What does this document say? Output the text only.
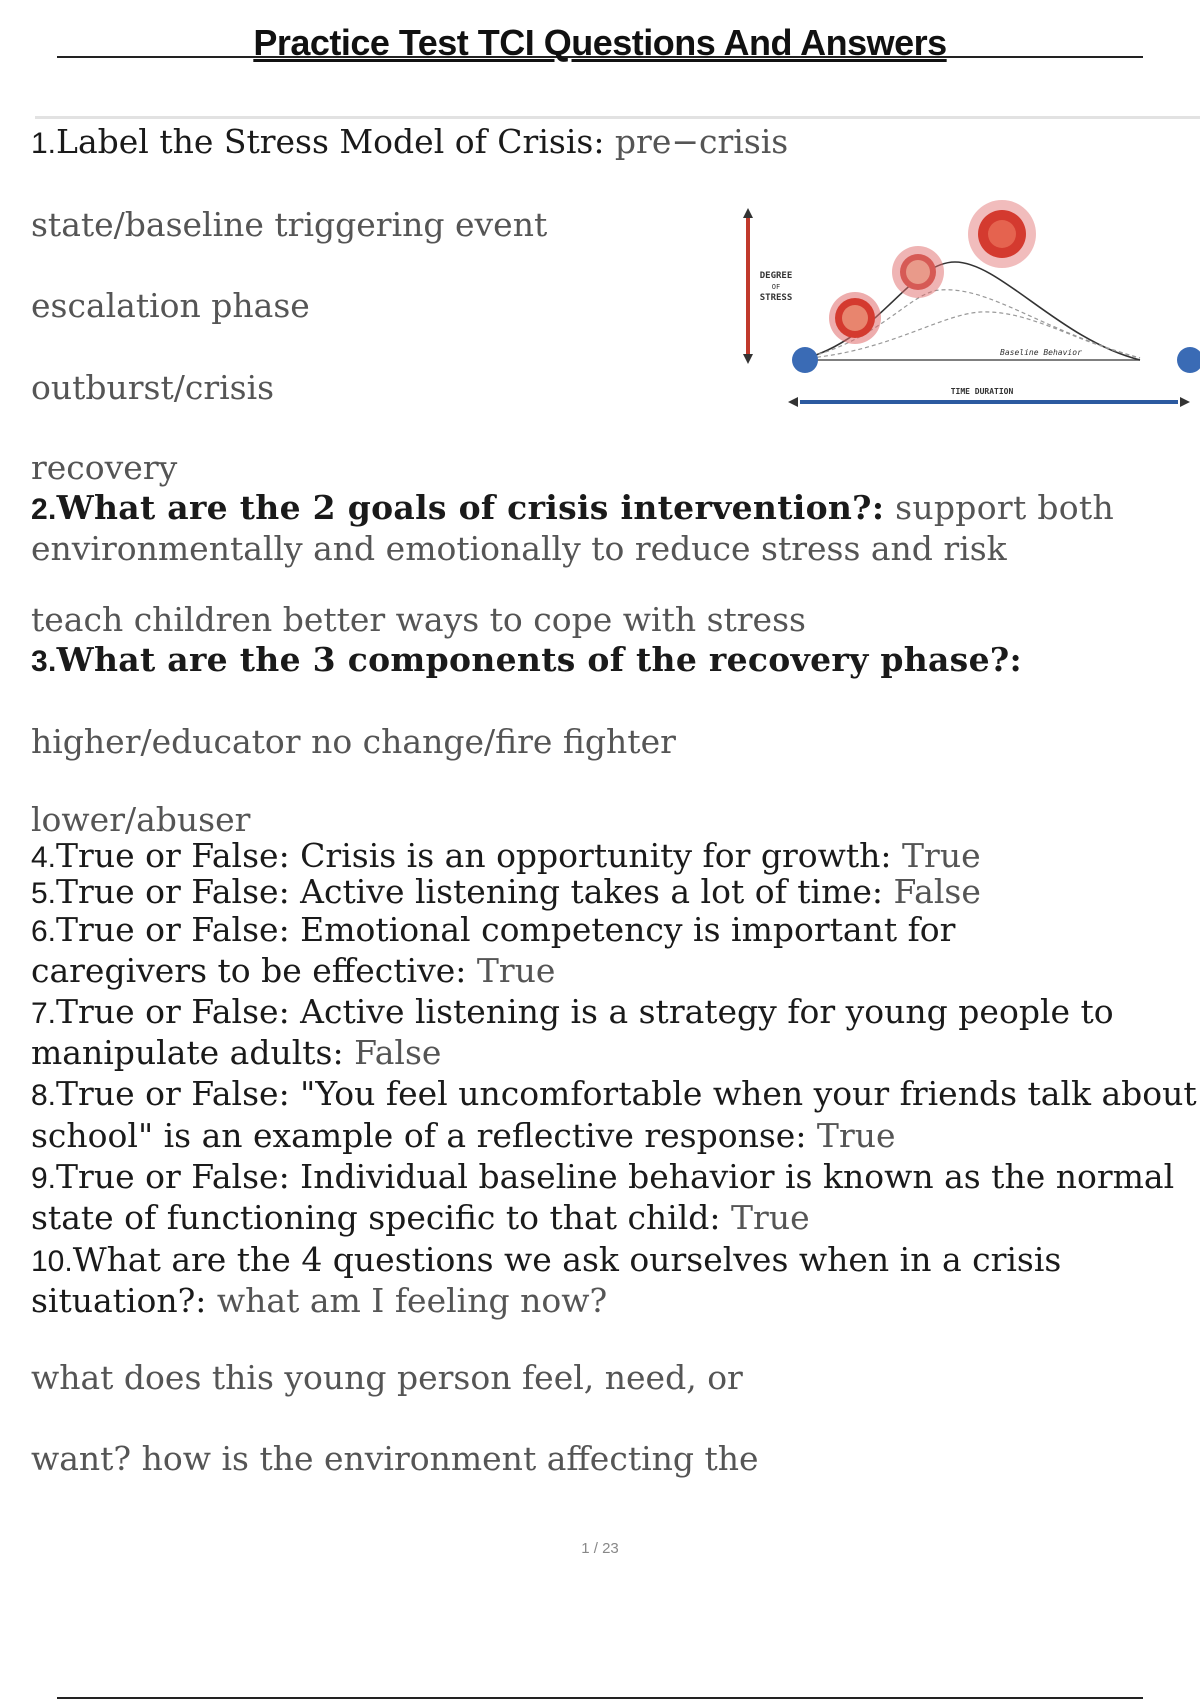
Practice Test TCI Questions And Answers
1.Label the Stress Model of Crisis: pre−crisis
state/baseline triggering event
escalation phase
outburst/crisis
recovery
DEGREE
OF
STRESS
Baseline Behavior
TIME DURATION
2.What are the 2 goals of crisis intervention?: support both
environmentally and emotionally to reduce stress and risk
teach children better ways to cope with stress
3.What are the 3 components of the recovery phase?:
higher/educator no change/fire fighter
lower/abuser
4.True or False: Crisis is an opportunity for growth: True
5.True or False: Active listening takes a lot of time: False
6.True or False: Emotional competency is important for
caregivers to be effective: True
7.True or False: Active listening is a strategy for young people to
manipulate adults: False
8.True or False: "You feel uncomfortable when your friends talk about
school" is an example of a reflective response: True
9.True or False: Individual baseline behavior is known as the normal
state of functioning specific to that child: True
10.What are the 4 questions we ask ourselves when in a crisis
situation?: what am I feeling now?
what does this young person feel, need, or
want? how is the environment affecting the
1 / 23
